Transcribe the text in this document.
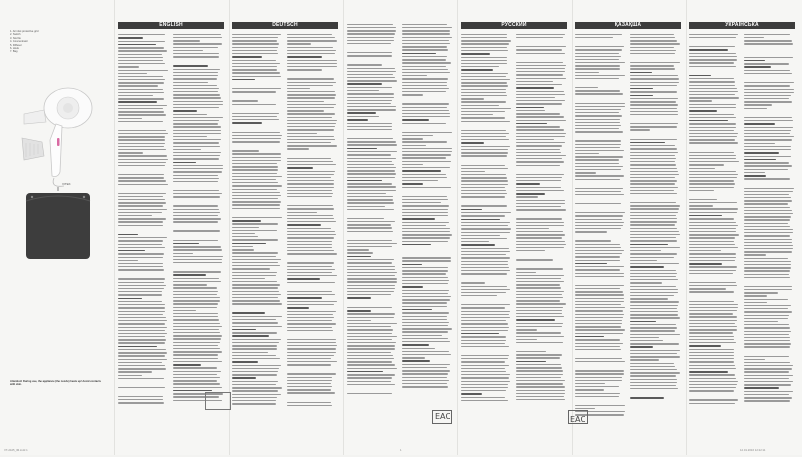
1. Air inlet protective grid
2. Switch
3. Nozzle
4. Concentrator
5. Diffuser
6. Hook
7. Bag
VITEK
Attention! During use, the appliance (the nozzle) heats up! Avoid contacts with skin.
ENGLISH	DEUTSCH	РУССКИЙ	ҚАЗАҚША	УКРАЇНСЬКА
ЕАС	ЕАС
VT-2425_IM.indd 1	12.01.2016 12:22:11
1
